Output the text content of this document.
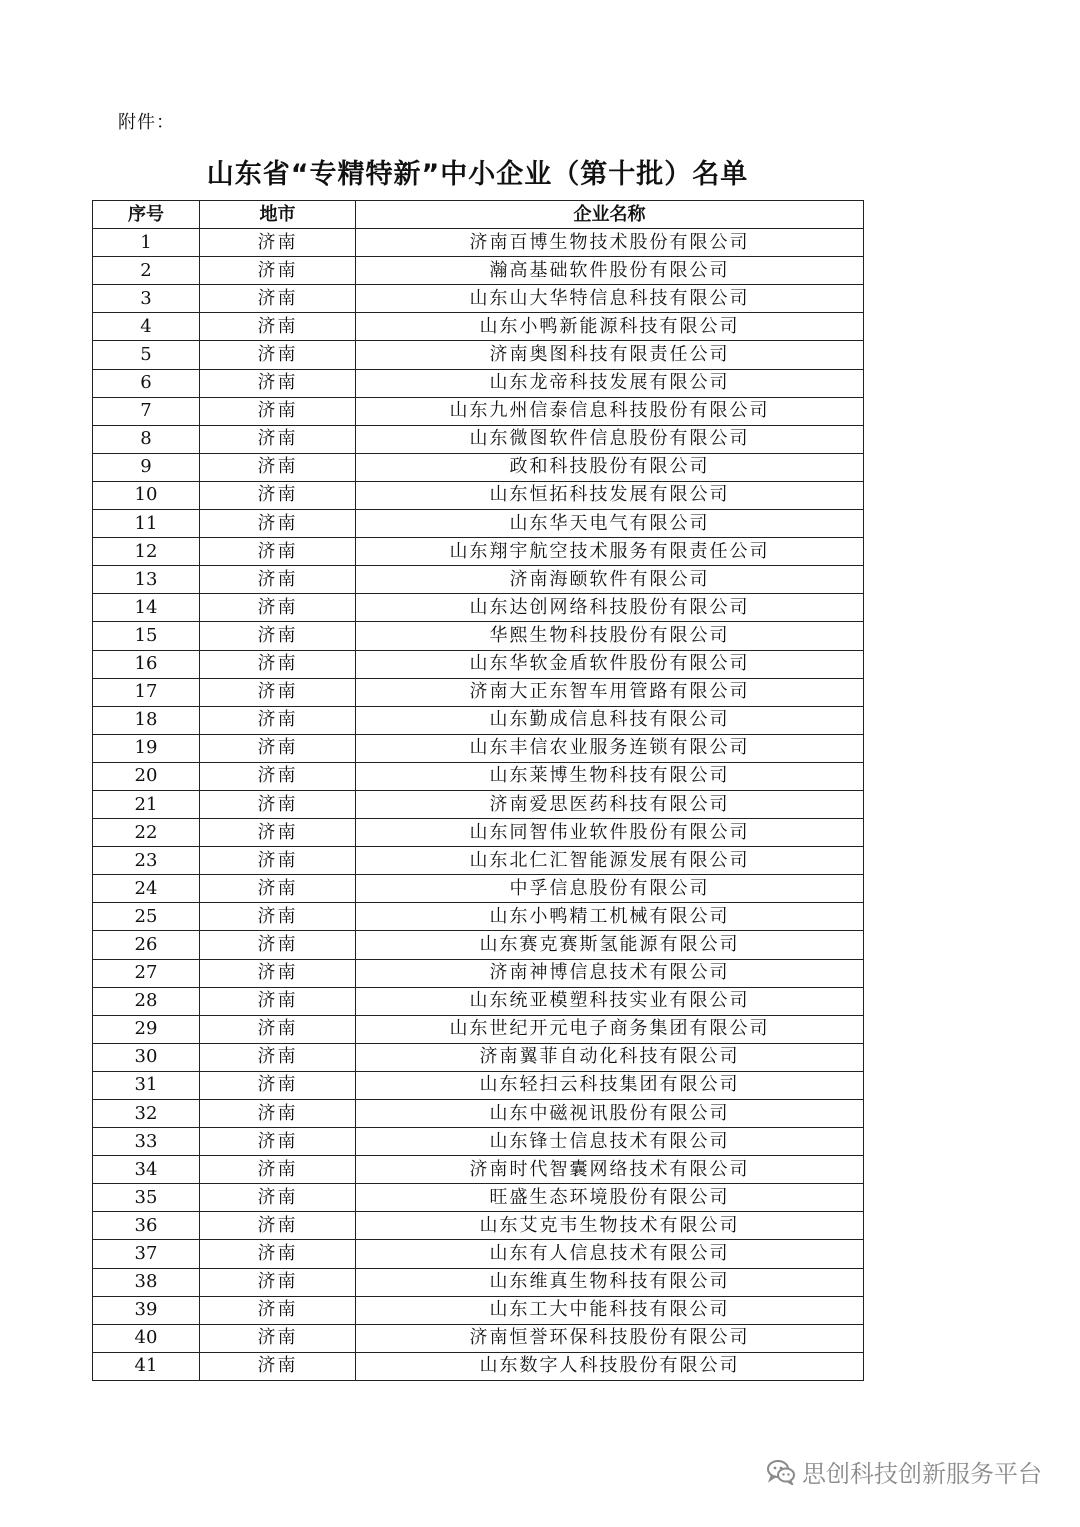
附件：
山东省“专精特新”中小企业（第十批）名单
序号	地市	企业名称
1	济南	济南百博生物技术股份有限公司
2	济南	瀚高基础软件股份有限公司
3	济南	山东山大华特信息科技有限公司
4	济南	山东小鸭新能源科技有限公司
5	济南	济南奥图科技有限责任公司
6	济南	山东龙帝科技发展有限公司
7	济南	山东九州信泰信息科技股份有限公司
8	济南	山东微图软件信息股份有限公司
9	济南	政和科技股份有限公司
10	济南	山东恒拓科技发展有限公司
11	济南	山东华天电气有限公司
12	济南	山东翔宇航空技术服务有限责任公司
13	济南	济南海颐软件有限公司
14	济南	山东达创网络科技股份有限公司
15	济南	华熙生物科技股份有限公司
16	济南	山东华软金盾软件股份有限公司
17	济南	济南大正东智车用管路有限公司
18	济南	山东勤成信息科技有限公司
19	济南	山东丰信农业服务连锁有限公司
20	济南	山东莱博生物科技有限公司
21	济南	济南爱思医药科技有限公司
22	济南	山东同智伟业软件股份有限公司
23	济南	山东北仁汇智能源发展有限公司
24	济南	中孚信息股份有限公司
25	济南	山东小鸭精工机械有限公司
26	济南	山东赛克赛斯氢能源有限公司
27	济南	济南神博信息技术有限公司
28	济南	山东统亚模塑科技实业有限公司
29	济南	山东世纪开元电子商务集团有限公司
30	济南	济南翼菲自动化科技有限公司
31	济南	山东轻扫云科技集团有限公司
32	济南	山东中磁视讯股份有限公司
33	济南	山东锋士信息技术有限公司
34	济南	济南时代智囊网络技术有限公司
35	济南	旺盛生态环境股份有限公司
36	济南	山东艾克韦生物技术有限公司
37	济南	山东有人信息技术有限公司
38	济南	山东维真生物科技有限公司
39	济南	山东工大中能科技有限公司
40	济南	济南恒誉环保科技股份有限公司
41	济南	山东数字人科技股份有限公司
思创科技创新服务平台
